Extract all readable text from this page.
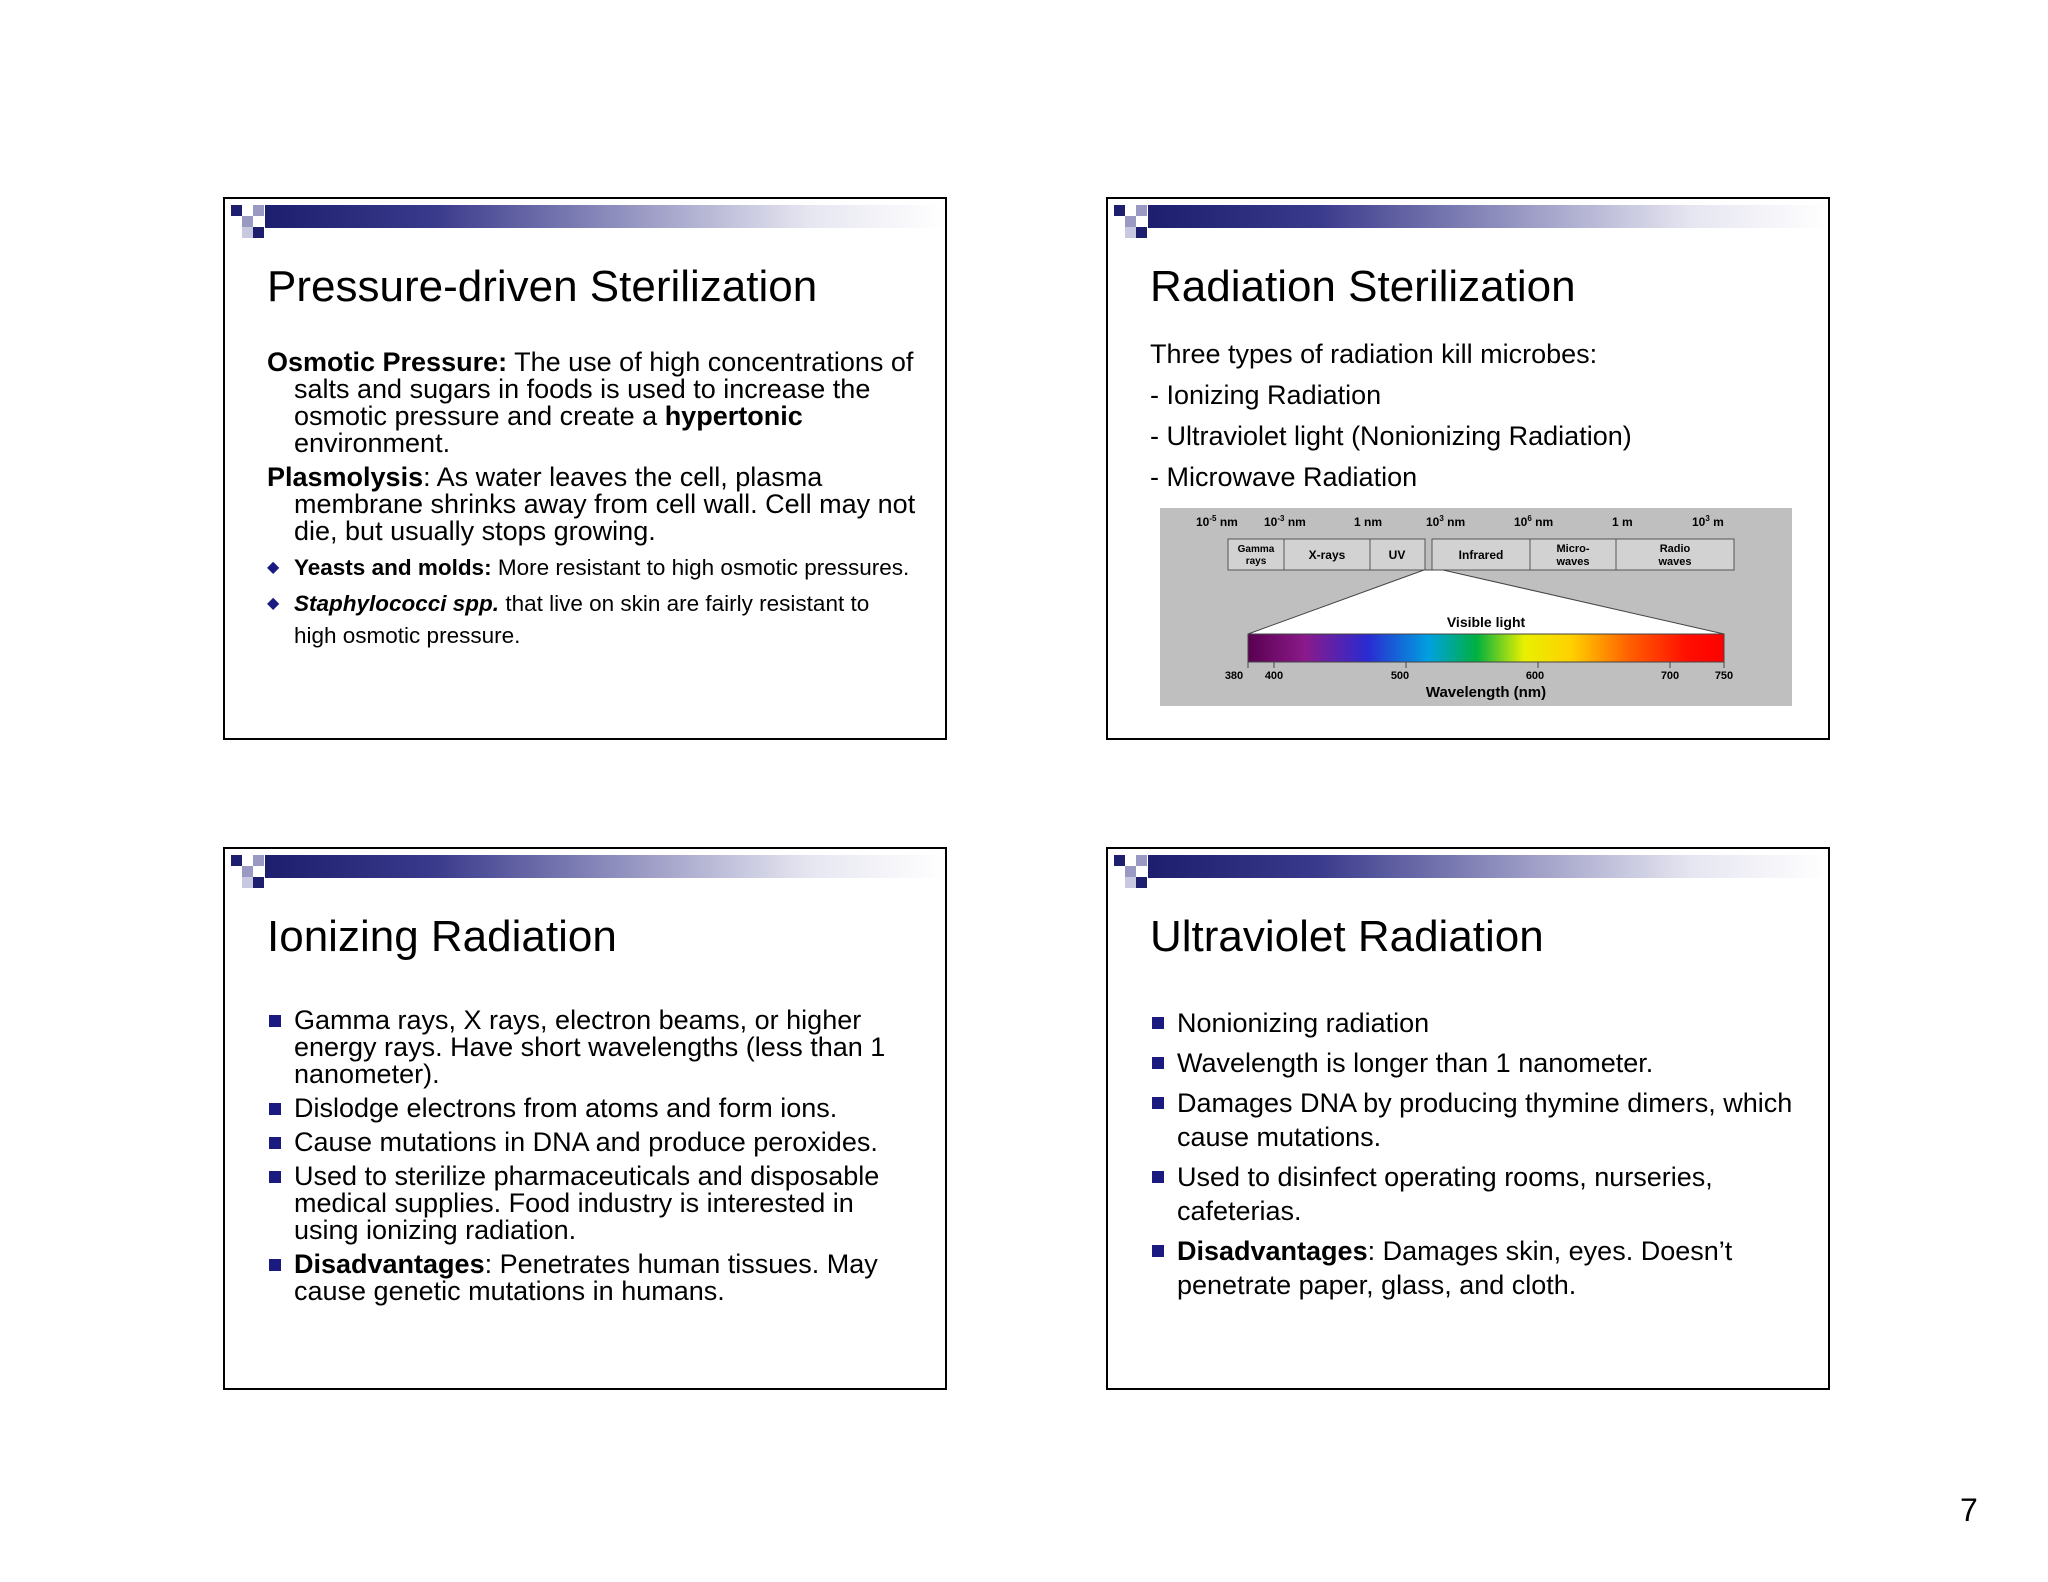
Pressure-driven Sterilization

Osmotic Pressure: The use of high concentrations of salts and sugars in foods is used to increase the osmotic pressure and create a hypertonic environment.

Plasmolysis: As water leaves the cell, plasma membrane shrinks away from cell wall. Cell may not die, but usually stops growing.

◆ Yeasts and molds: More resistant to high osmotic pressures.
◆ Staphylococci spp. that live on skin are fairly resistant to high osmotic pressure.
Radiation Sterilization
Three types of radiation kill microbes:
- Ionizing Radiation
- Ultraviolet light (Nonionizing Radiation)
- Microwave Radiation
$10^{-5}$ nm $10^{-3}$ nm	1 nm	$10^3$ nm	$10^6$ nm	1 m	$10^3$ m
Gamma
rays	X-rays	UV	Infrared	Micro-
waves
Radio
waves
Visible light
380 400	500	600	700	750
Wavelength (nm)
Ionizing Radiation
Gamma rays, X rays, electron beams, or higher energy rays. Have short wavelengths (less than 1 nanometer).
Dislodge electrons from atoms and form ions.
Cause mutations in DNA and produce peroxides.
Used to sterilize pharmaceuticals and disposable medical supplies. Food industry is interested in using ionizing radiation.
Disadvantages: Penetrates human tissues. May cause genetic mutations in humans.
Ultraviolet Radiation
Nonionizing radiation
Wavelength is longer than 1 nanometer.
Damages DNA by producing thymine dimers, which cause mutations.
Used to disinfect operating rooms, nurseries, cafeterias.
Disadvantages: Damages skin, eyes. Doesn’t penetrate paper, glass, and cloth.
7
